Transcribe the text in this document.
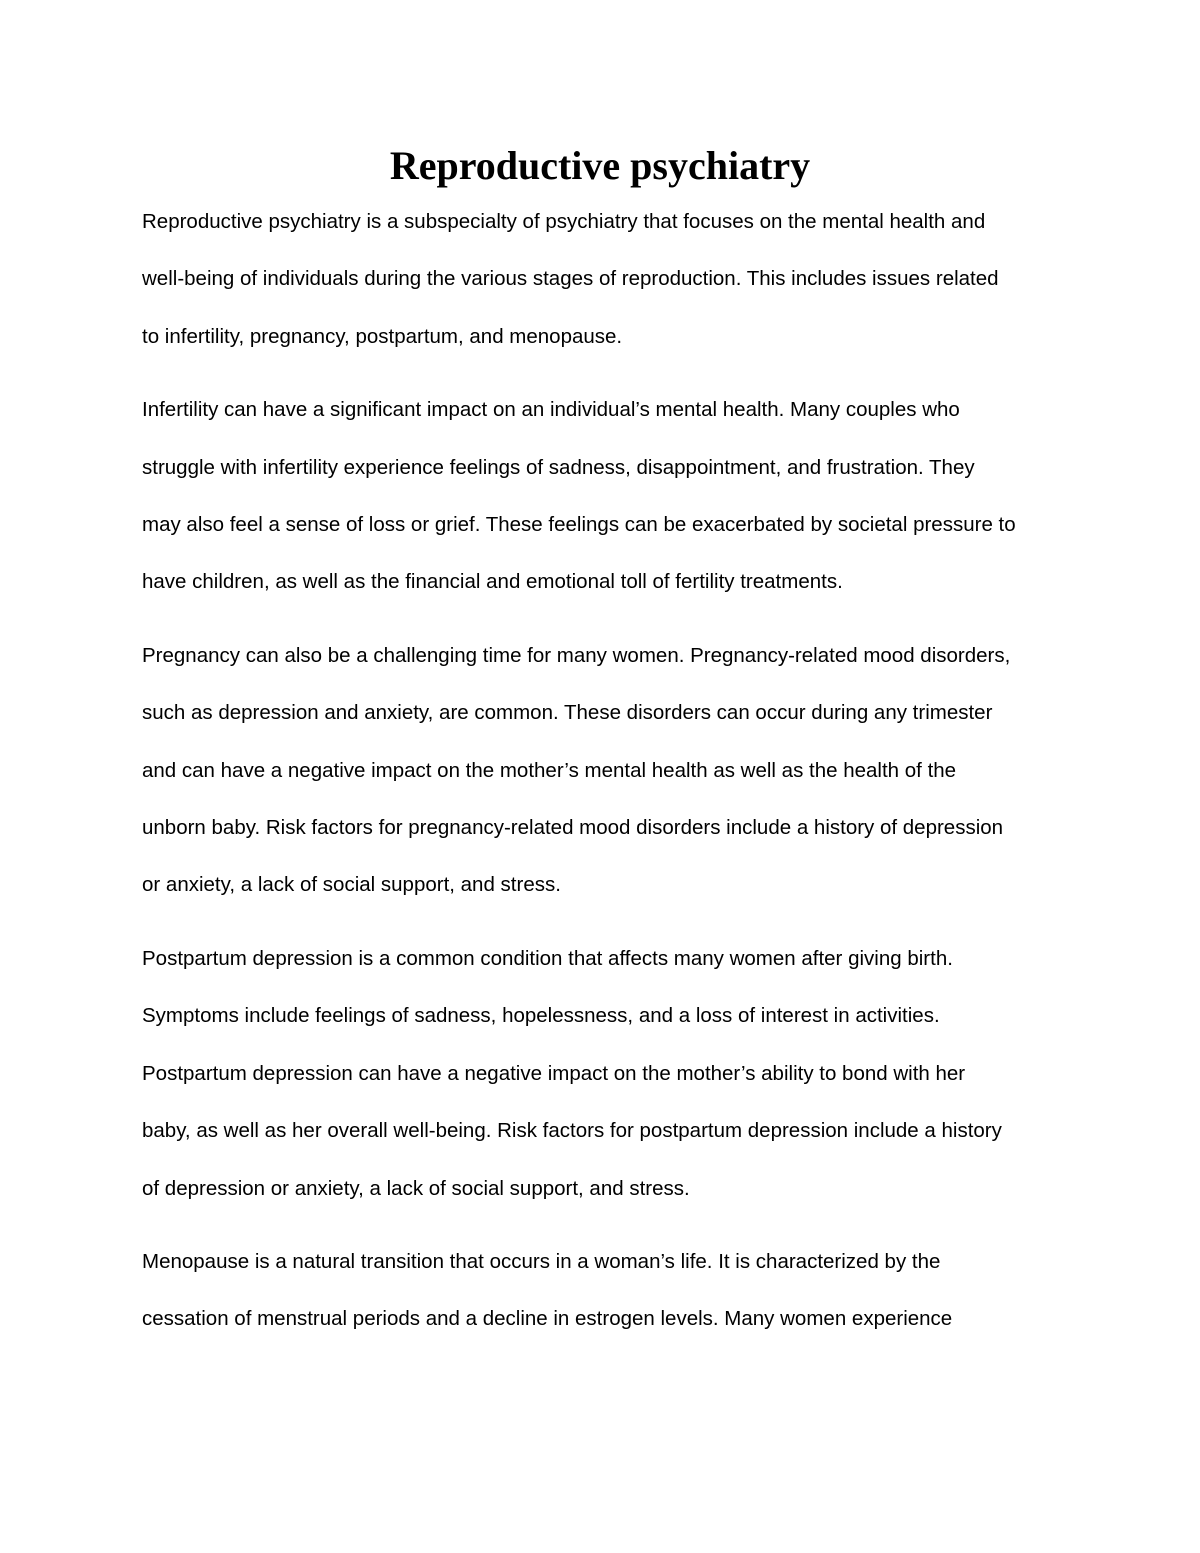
Reproductive psychiatry

Reproductive psychiatry is a subspecialty of psychiatry that focuses on the mental health and
well-being of individuals during the various stages of reproduction. This includes issues related
to infertility, pregnancy, postpartum, and menopause.

Infertility can have a significant impact on an individual’s mental health. Many couples who
struggle with infertility experience feelings of sadness, disappointment, and frustration. They
may also feel a sense of loss or grief. These feelings can be exacerbated by societal pressure to
have children, as well as the financial and emotional toll of fertility treatments.

Pregnancy can also be a challenging time for many women. Pregnancy-related mood disorders,
such as depression and anxiety, are common. These disorders can occur during any trimester
and can have a negative impact on the mother’s mental health as well as the health of the
unborn baby. Risk factors for pregnancy-related mood disorders include a history of depression
or anxiety, a lack of social support, and stress.

Postpartum depression is a common condition that affects many women after giving birth.
Symptoms include feelings of sadness, hopelessness, and a loss of interest in activities.
Postpartum depression can have a negative impact on the mother’s ability to bond with her
baby, as well as her overall well-being. Risk factors for postpartum depression include a history
of depression or anxiety, a lack of social support, and stress.

Menopause is a natural transition that occurs in a woman’s life. It is characterized by the
cessation of menstrual periods and a decline in estrogen levels. Many women experience
